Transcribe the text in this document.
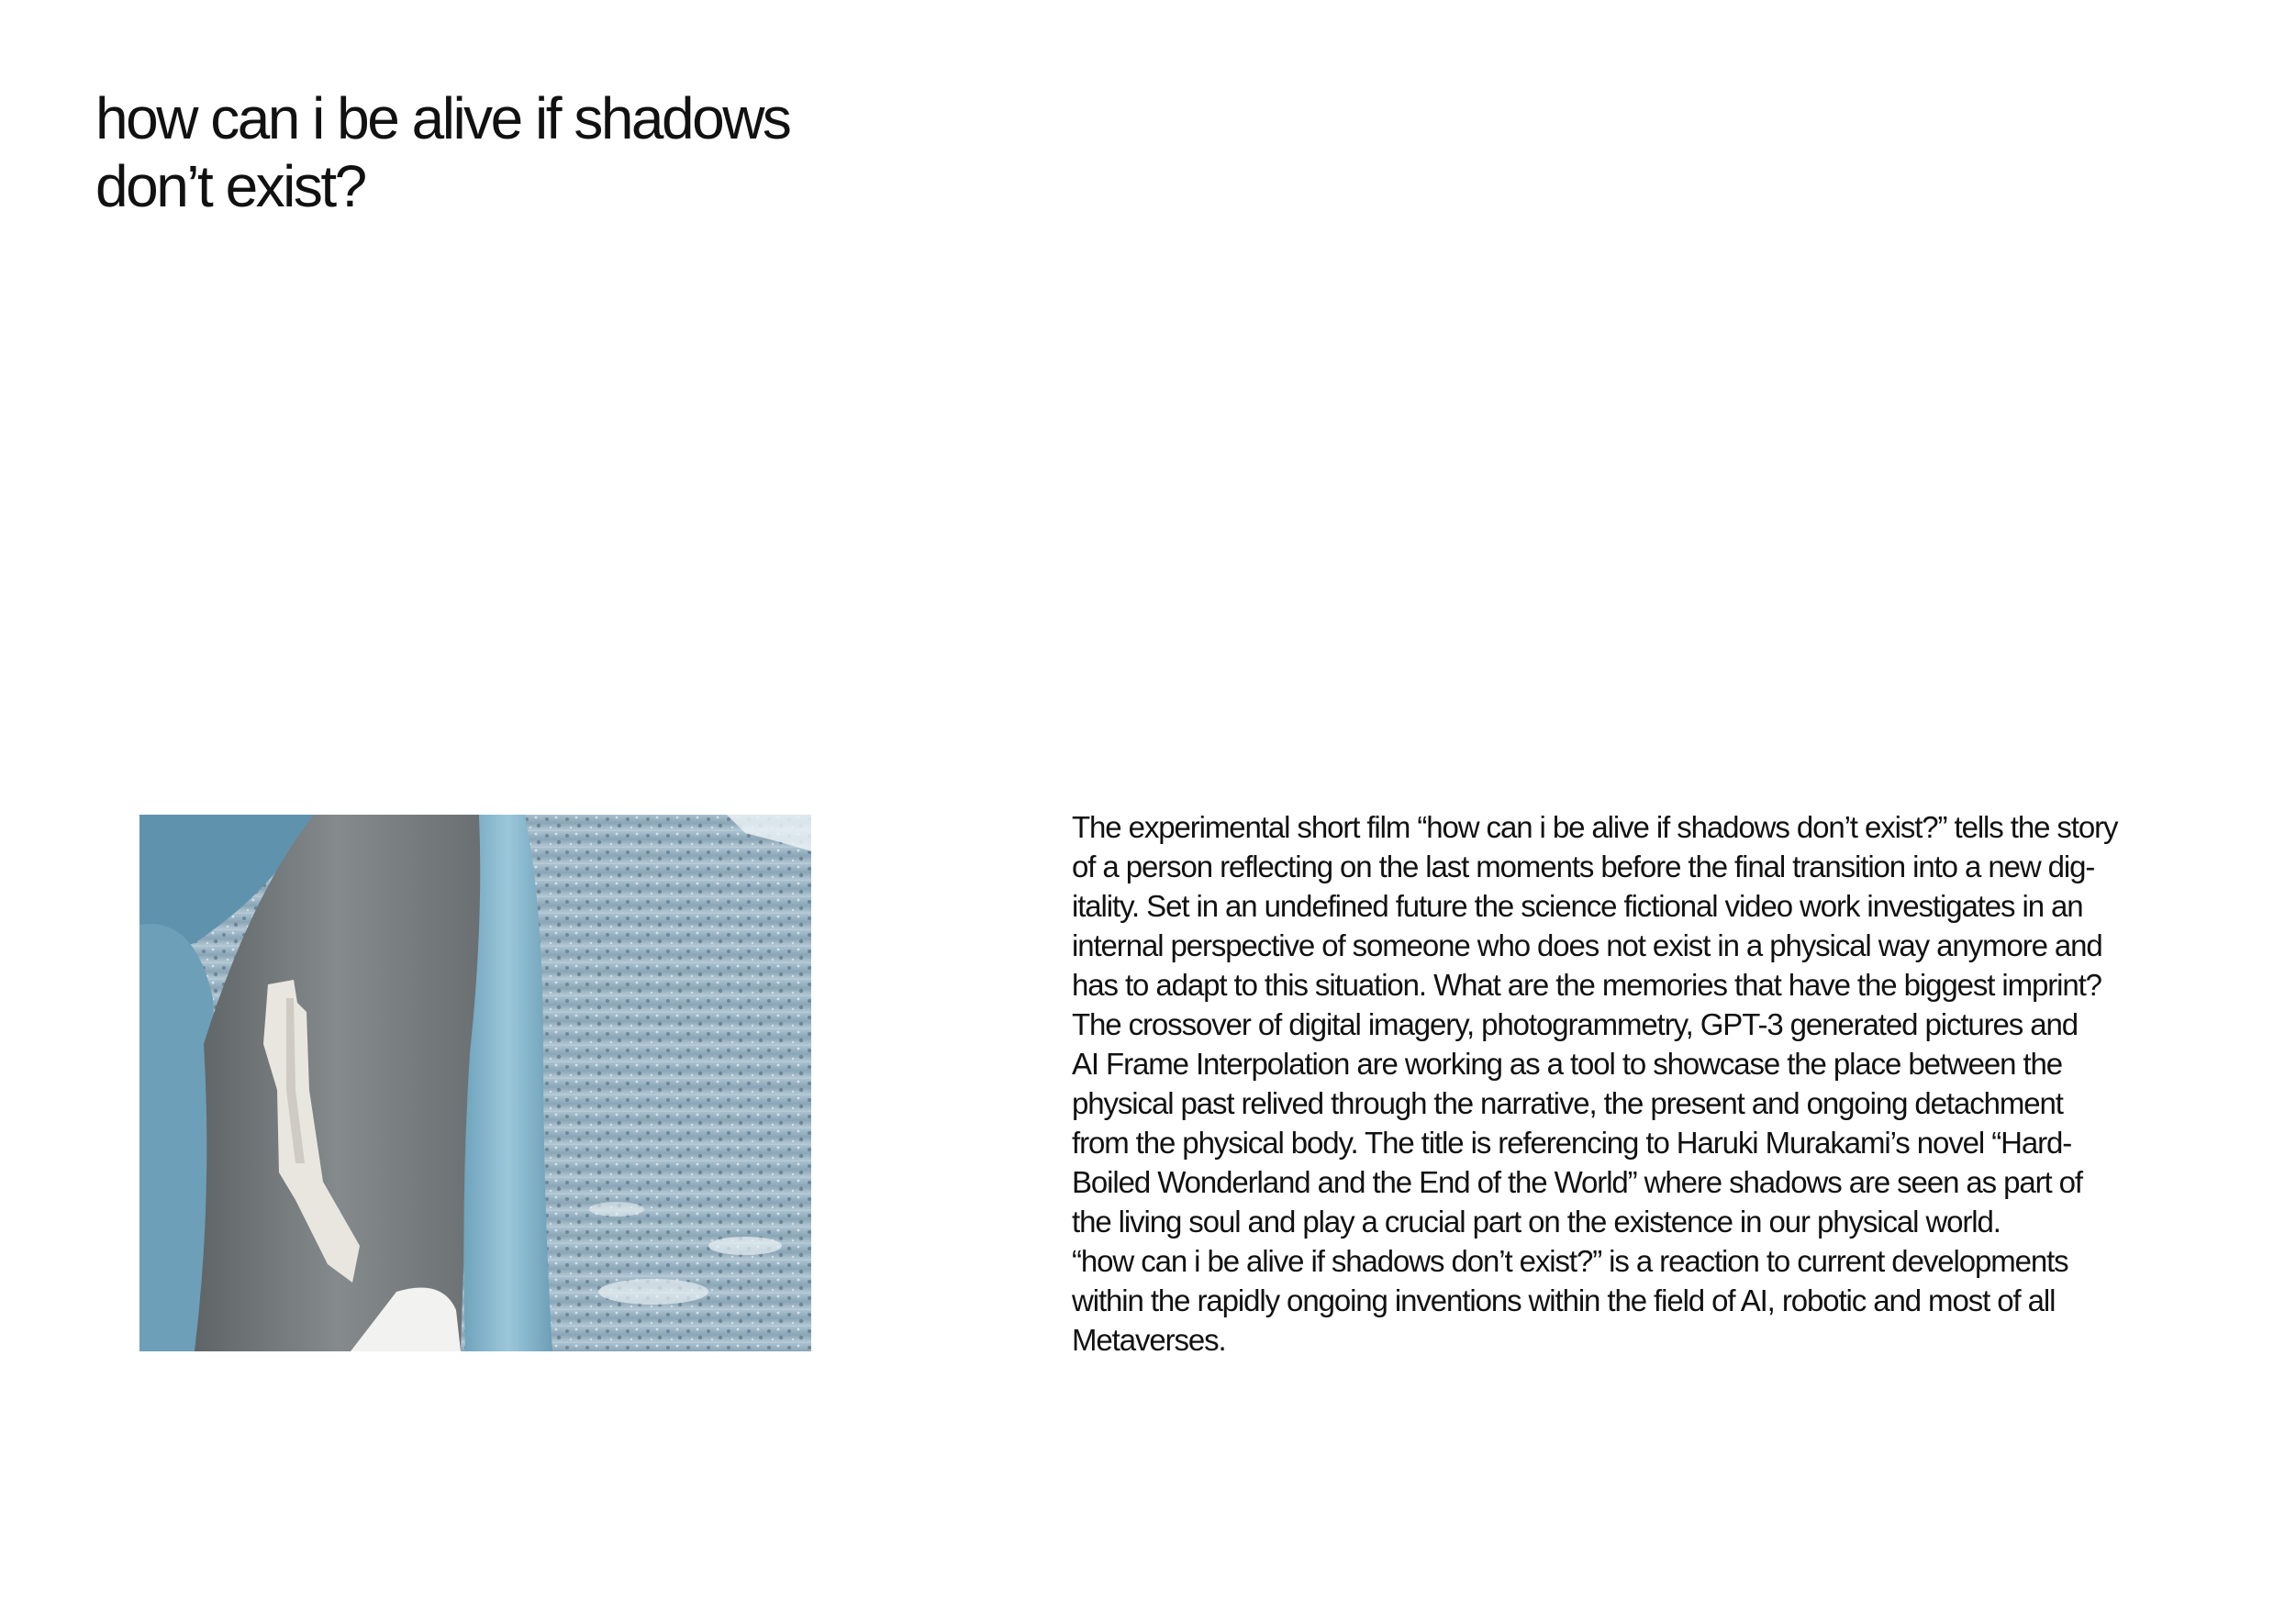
how can i be alive if shadows
don’t exist?

The experimental short film “how can i be alive if shadows don’t exist?” tells the story
of a person reflecting on the last moments before the final transition into a new dig-
itality. Set in an undefined future the science fictional video work investigates in an
internal perspective of someone who does not exist in a physical way anymore and
has to adapt to this situation. What are the memories that have the biggest imprint?
The crossover of digital imagery, photogrammetry, GPT-3 generated pictures and
AI Frame Interpolation are working as a tool to showcase the place between the
physical past relived through the narrative, the present and ongoing detachment
from the physical body. The title is referencing to Haruki Murakami’s novel “Hard-
Boiled Wonderland and the End of the World” where shadows are seen as part of
the living soul and play a crucial part on the existence in our physical world.
“how can i be alive if shadows don’t exist?” is a reaction to current developments
within the rapidly ongoing inventions within the field of AI, robotic and most of all
Metaverses.
